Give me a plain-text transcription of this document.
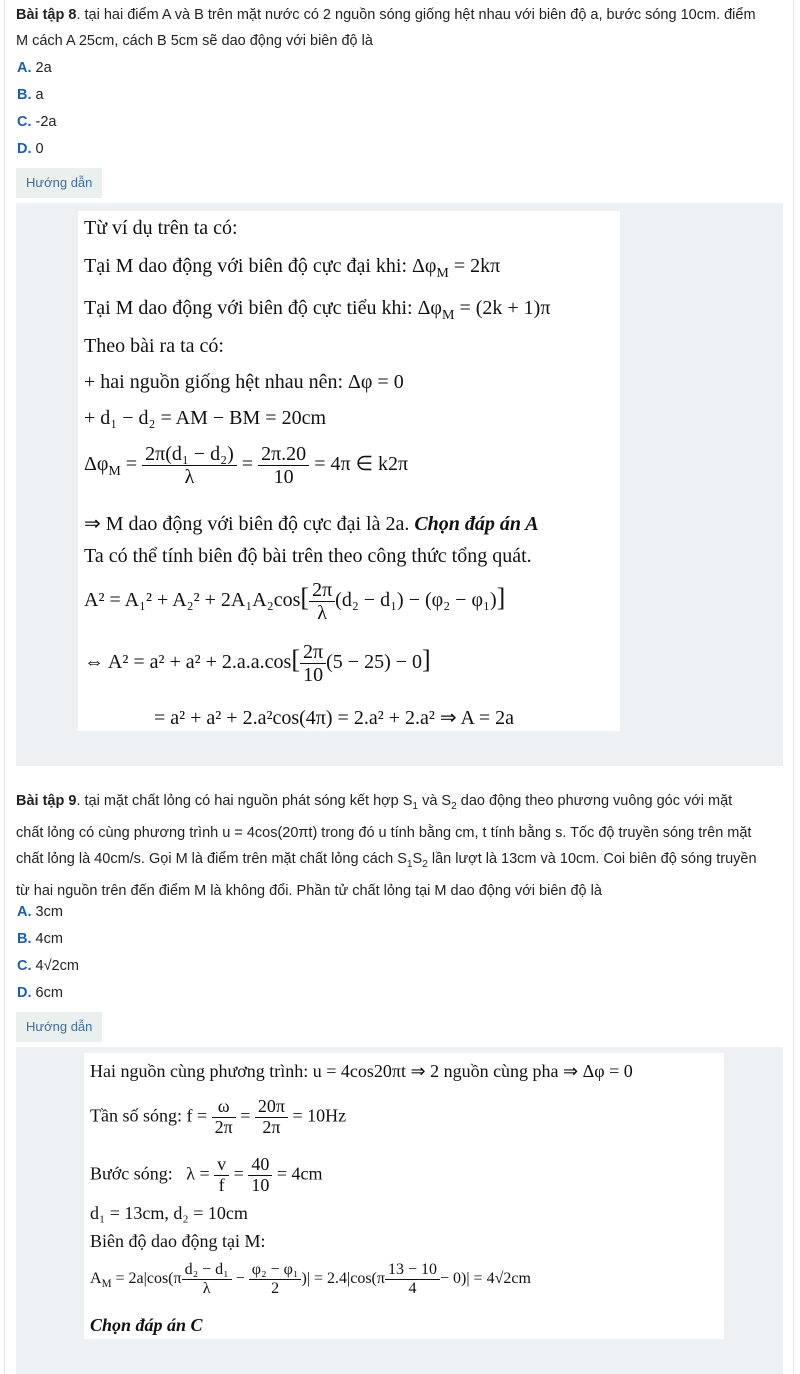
Bài tập 8. tại hai điểm A và B trên mặt nước có 2 nguồn sóng giống hệt nhau với biên độ a, bước sóng 10cm. điểm
M cách A 25cm, cách B 5cm sẽ dao động với biên độ là
A. 2a
B. a
C. -2a
D. 0
Hướng dẫn
Từ ví dụ trên ta có:
Tại M dao động với biên độ cực đại khi: $\Delta\varphi_M = 2k\pi$
Tại M dao động với biên độ cực tiểu khi: $\Delta\varphi_M = (2k + 1)\pi$
Theo bài ra ta có:
+ hai nguồn giống hệt nhau nên: Δφ = 0
+ d₁ − d₂ = AM − BM = 20cm
$\Delta\varphi_M = \frac{\text{2π(d₁ − d₂)}}{\lambda} = \frac{2\pi.20}{10} = 4\pi$ ∈ k2π
⇒ M dao động với biên độ cực đại là 2a. Chọn đáp án A
Ta có thể tính biên độ bài trên theo công thức tổng quát.
$A^2 = A_1^2 + A_2^2 + 2A_1A_2\cos[ \frac{2\pi}{\lambda} (d_2 - d_1) - (\varphi_2 - \varphi_1)]$
⇔ $A^2 = a^2 + a^2 + 2.a.a.\cos[ \frac{2\pi}{10} (5 - 25) - 0]$
= a² + a² + 2.a²cos(4π) = 2.a² + 2.a² ⇒ A = 2a
Bài tập 9. tại mặt chất lỏng có hai nguồn phát sóng kết hợp $S_1$ và $S_2$ dao động theo phương vuông góc với mặt
chất lỏng có cùng phương trình u = 4cos(20πt) trong đó u tính bằng cm, t tính bằng s. Tốc độ truyền sóng trên mặt
chất lỏng là 40cm/s. Gọi M là điểm trên mặt chất lỏng cách $S_1S_2$ lần lượt là 13cm và 10cm. Coi biên độ sóng truyền
từ hai nguồn trên đến điểm M là không đổi. Phần tử chất lỏng tại M dao động với biên độ là
A. 3cm
B. 4cm
C. 4√2cm
D. 6cm
Hướng dẫn
Hai nguồn cùng phương trình: u = 4cos20πt ⇒ 2 nguồn cùng pha ⇒ Δφ = 0
Tần số sóng: $f = \frac{\omega}{2\pi} = \frac{20\pi}{2\pi} = 10Hz$
Bước sóng: $\lambda = \frac{v}{f} = \frac{40}{10} = 4cm$
d₁ = 13cm, d₂ = 10cm
Biên độ dao động tại M:
$A_M = 2a|\cos(\pi \frac{\text{d₂ − d₁}}{\lambda} - \frac{\text{φ₂ − φ₁}}{2}$ )| = $2.4|\cos(\pi \frac{13 - 10}{4} - 0)| = 4√2cm$
Chọn đáp án C
